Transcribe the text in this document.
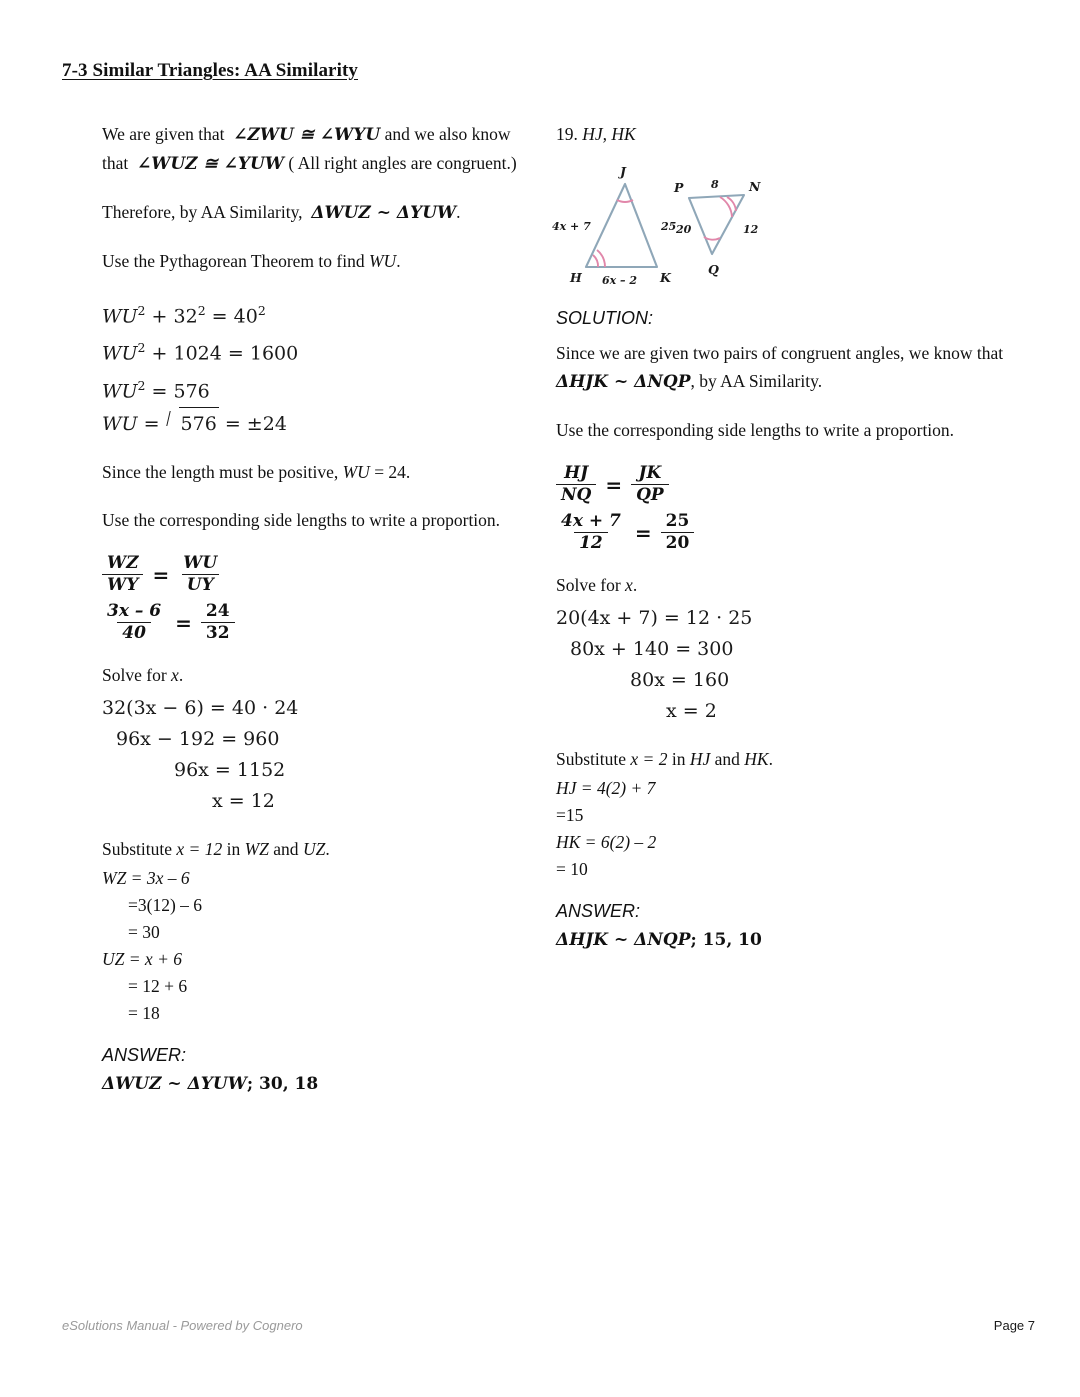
7-3 Similar Triangles: AA Similarity

We are given that ∠ZWU ≅ ∠WYU and we also know that ∠WUZ ≅ ∠YUW ( All right angles are congruent.)

Therefore, by AA Similarity, ΔWUZ ~ ΔYUW.

Use the Pythagorean Theorem to find WU.

$WU^2 + 32^2 = 40^2$
$WU^2 + 1024 = 1600$
$WU^2 = 576$
WU = 576 = ±24

Since the length must be positive, WU = 24.

Use the corresponding side lengths to write a proportion.

$\frac{WZ}{WY} = \frac{WU}{UY}$
$\frac{3x - 6}{40} = \frac{24}{32}$

Solve for x.

32(3x − 6) = 40 · 24
96x − 192 = 960
96x = 1152
x = 12

Substitute x = 12 in WZ and UZ.

WZ = 3x – 6
=3(12) – 6
= 30
UZ = x + 6
= 12 + 6
= 18
ANSWER:
ΔWUZ ~ ΔYUW; 30, 18

19. HJ, HK

J
H	K
P	N
Q
4x + 7	25
6x – 2
8
20	12
SOLUTION:

Since we are given two pairs of congruent angles, we know that ΔHJK ~ ΔNQP, by AA Similarity.

Use the corresponding side lengths to write a proportion.

$\frac{HJ}{NQ} = \frac{JK}{QP}$
$\frac{4x + 7}{12} = \frac{25}{20}$

Solve for x.

20(4x + 7) = 12 · 25
80x + 140 = 300
80x = 160
x = 2

Substitute x = 2 in HJ and HK.

HJ = 4(2) + 7
=15
HK = 6(2) – 2
= 10
ANSWER:
ΔHJK ~ ΔNQP; 15, 10
eSolutions Manual - Powered by Cognero	Page 7
